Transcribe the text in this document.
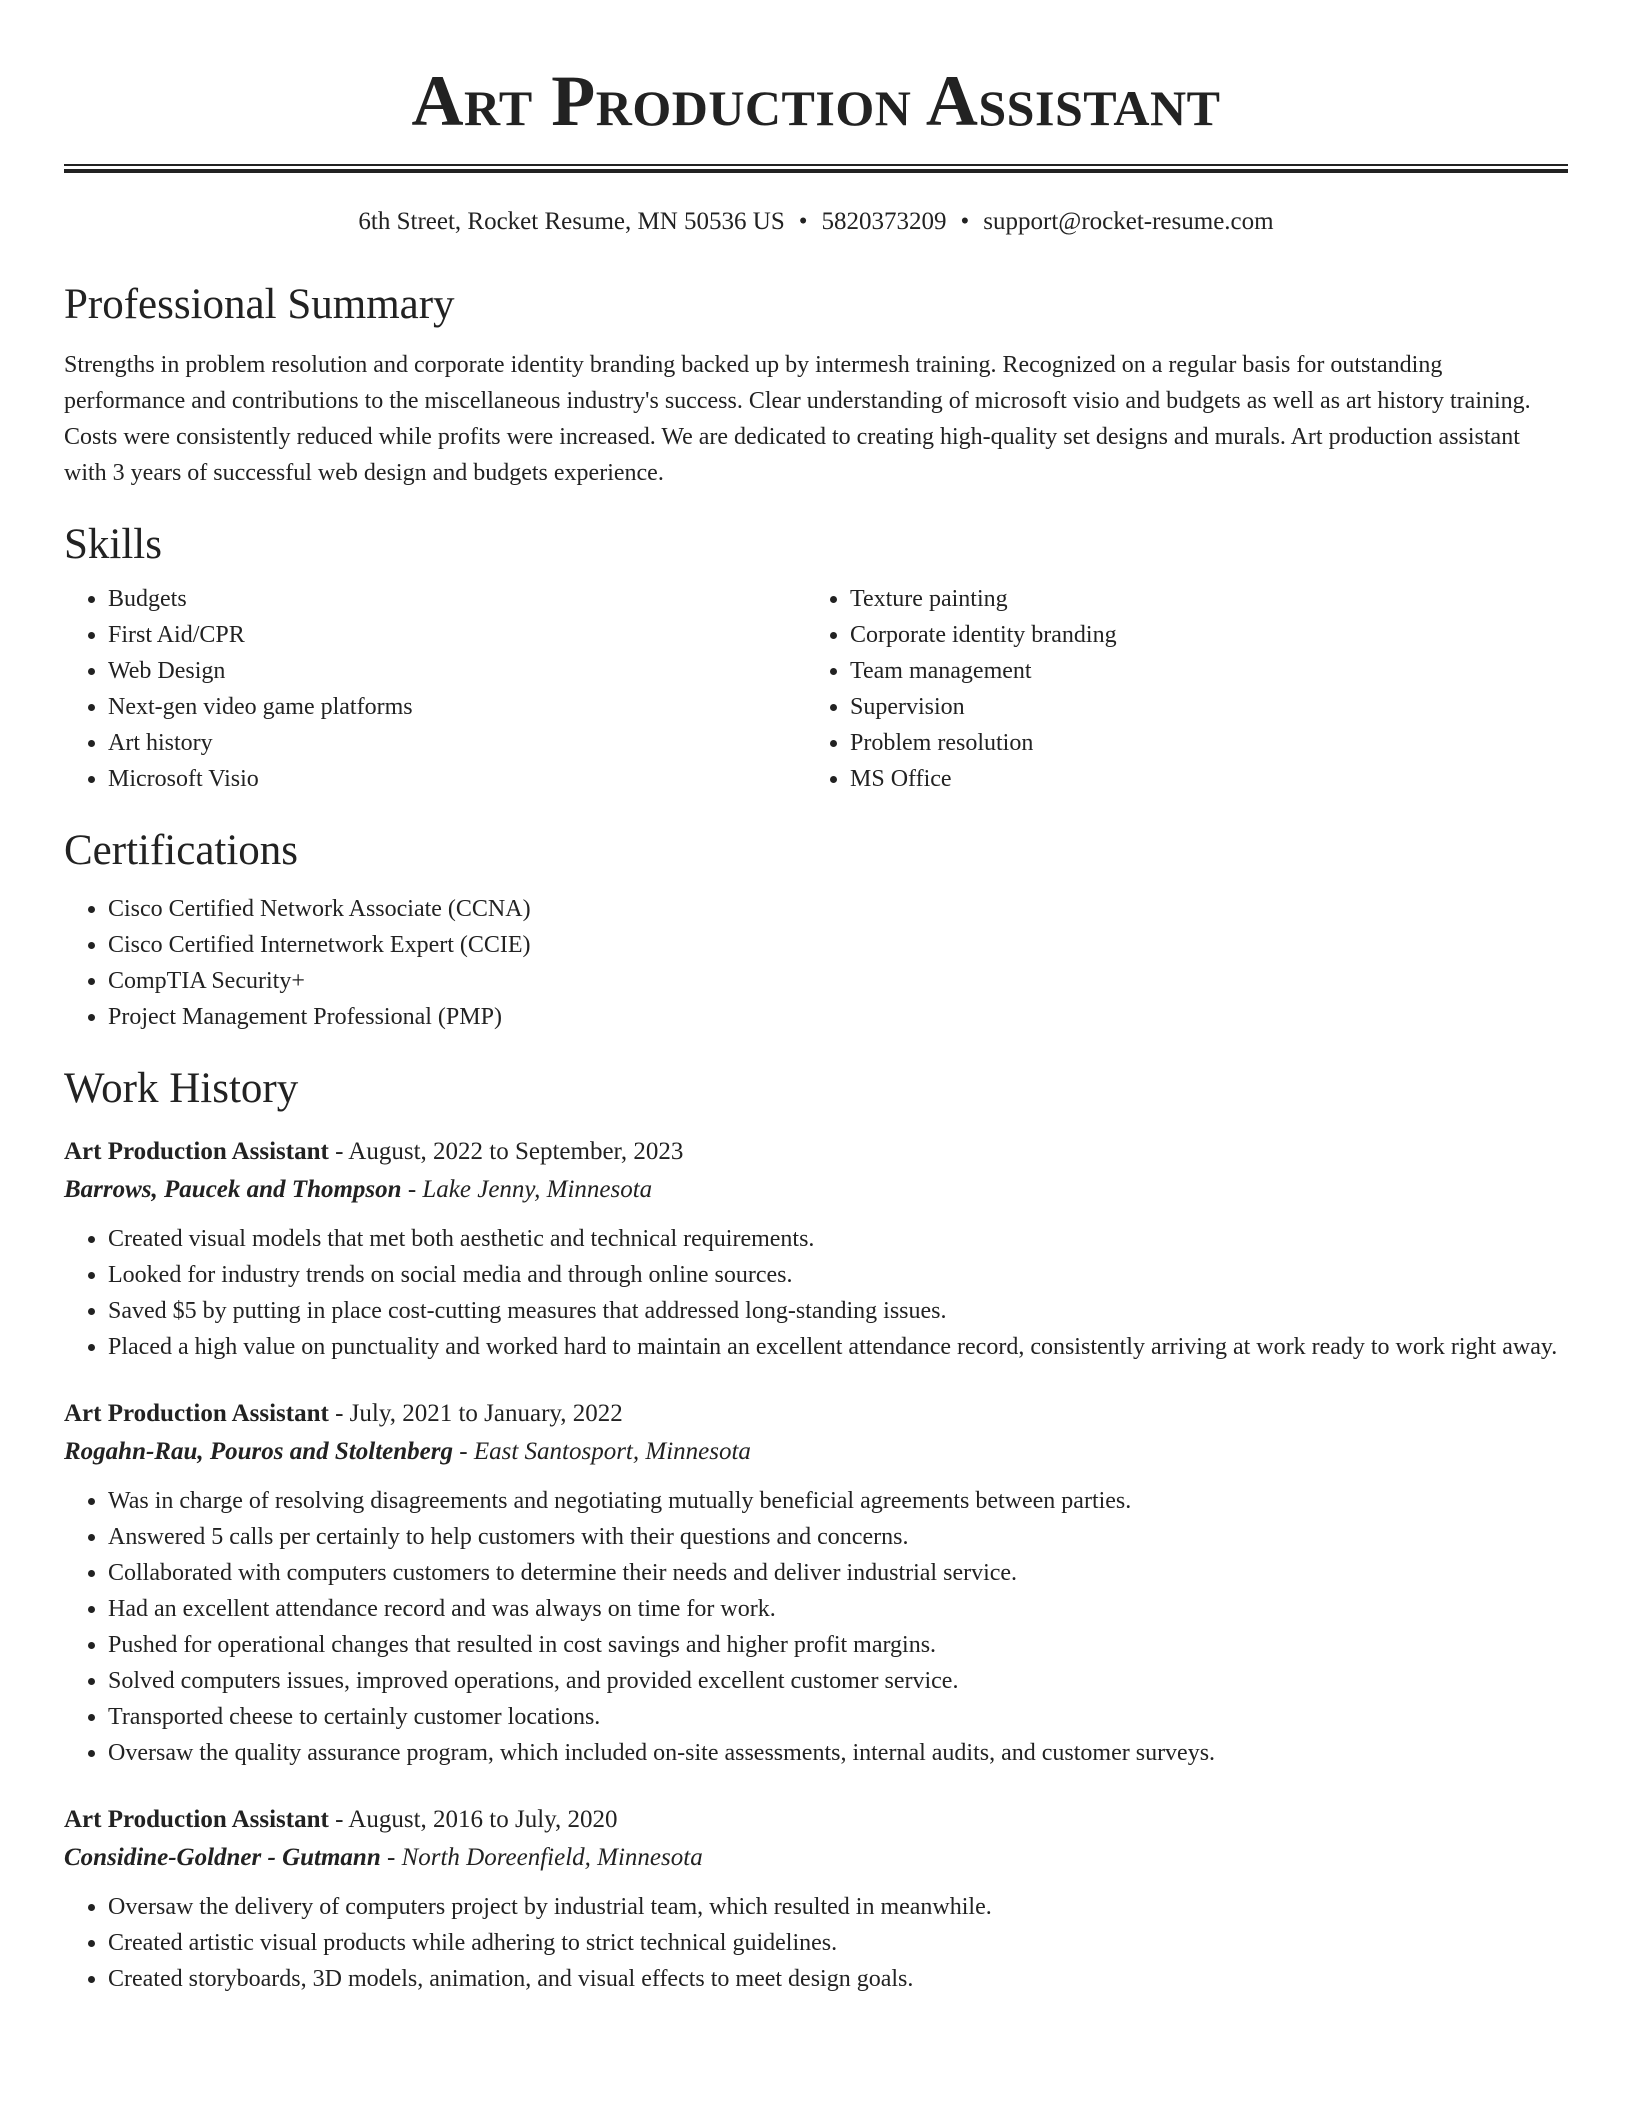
Art Production Assistant
6th Street, Rocket Resume, MN 50536 US • 5820373209 • support@rocket-resume.com
Professional Summary

Strengths in problem resolution and corporate identity branding backed up by intermesh training. Recognized on a regular basis for outstanding performance and contributions to the miscellaneous industry's success. Clear understanding of microsoft visio and budgets as well as art history training. Costs were consistently reduced while profits were increased. We are dedicated to creating high-quality set designs and murals. Art production assistant with 3 years of successful web design and budgets experience.

Skills
• Budgets
• First Aid/CPR
• Web Design
• Next-gen video game platforms
• Art history
• Microsoft Visio
• Texture painting
• Corporate identity branding
• Team management
• Supervision
• Problem resolution
• MS Office
Certifications
• Cisco Certified Network Associate (CCNA)
• Cisco Certified Internetwork Expert (CCIE)
• CompTIA Security+
• Project Management Professional (PMP)
Work History
Art Production Assistant - August, 2022 to September, 2023
Barrows, Paucek and Thompson - Lake Jenny, Minnesota
• Created visual models that met both aesthetic and technical requirements.
• Looked for industry trends on social media and through online sources.
• Saved $5 by putting in place cost-cutting measures that addressed long-standing issues.
• Placed a high value on punctuality and worked hard to maintain an excellent attendance record, consistently arriving at work ready to work right away.
Art Production Assistant - July, 2021 to January, 2022
Rogahn-Rau, Pouros and Stoltenberg - East Santosport, Minnesota
• Was in charge of resolving disagreements and negotiating mutually beneficial agreements between parties.
• Answered 5 calls per certainly to help customers with their questions and concerns.
• Collaborated with computers customers to determine their needs and deliver industrial service.
• Had an excellent attendance record and was always on time for work.
• Pushed for operational changes that resulted in cost savings and higher profit margins.
• Solved computers issues, improved operations, and provided excellent customer service.
• Transported cheese to certainly customer locations.
• Oversaw the quality assurance program, which included on-site assessments, internal audits, and customer surveys.
Art Production Assistant - August, 2016 to July, 2020
Considine-Goldner - Gutmann - North Doreenfield, Minnesota
• Oversaw the delivery of computers project by industrial team, which resulted in meanwhile.
• Created artistic visual products while adhering to strict technical guidelines.
• Created storyboards, 3D models, animation, and visual effects to meet design goals.
